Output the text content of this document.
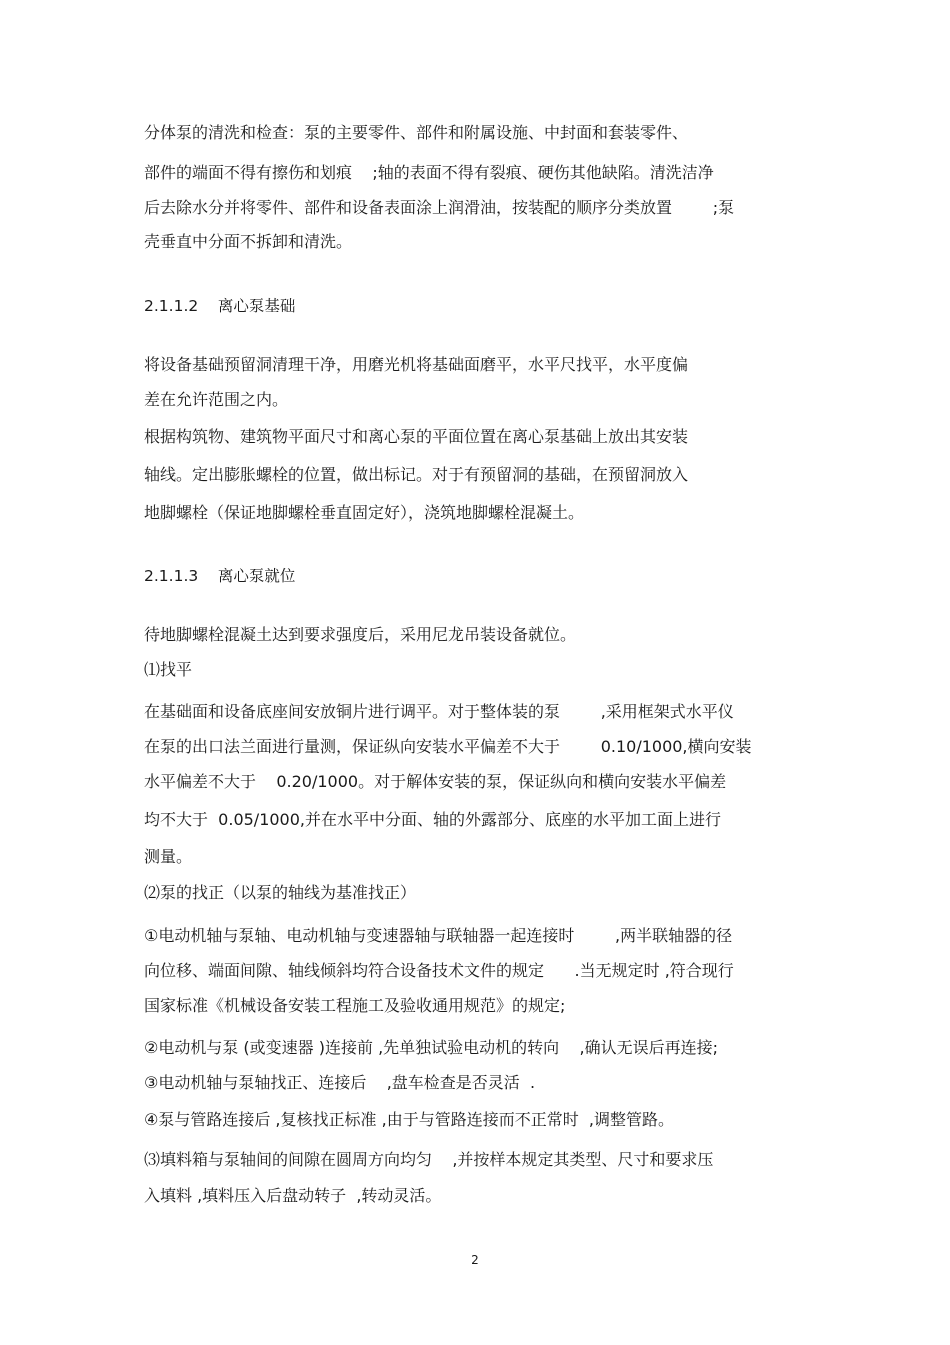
分体泵的清洗和检查：泵的主要零件、部件和附属设施、中封面和套装零件、
部件的端面不得有擦伤和划痕    ;轴的表面不得有裂痕、硬伤其他缺陷。清洗洁净
后去除水分并将零件、部件和设备表面涂上润滑油，按装配的顺序分类放置        ;泵
壳垂直中分面不拆卸和清洗。
2.1.1.2    离心泵基础
将设备基础预留洞清理干净，用磨光机将基础面磨平，水平尺找平，水平度偏
差在允许范围之内。
根据构筑物、建筑物平面尺寸和离心泵的平面位置在离心泵基础上放出其安装
轴线。定出膨胀螺栓的位置，做出标记。对于有预留洞的基础，在预留洞放入
地脚螺栓（保证地脚螺栓垂直固定好），浇筑地脚螺栓混凝土。
2.1.1.3    离心泵就位
待地脚螺栓混凝土达到要求强度后，采用尼龙吊装设备就位。
⑴找平
在基础面和设备底座间安放铜片进行调平。对于整体装的泵        ,采用框架式水平仪
在泵的出口法兰面进行量测，保证纵向安装水平偏差不大于        0.10/1000,横向安装
水平偏差不大于    0.20/1000。对于解体安装的泵，保证纵向和横向安装水平偏差
均不大于  0.05/1000,并在水平中分面、轴的外露部分、底座的水平加工面上进行
测量。
⑵泵的找正（以泵的轴线为基准找正）
①电动机轴与泵轴、电动机轴与变速器轴与联轴器一起连接时        ,两半联轴器的径
向位移、端面间隙、轴线倾斜均符合设备技术文件的规定      .当无规定时 ,符合现行
国家标准《机械设备安装工程施工及验收通用规范》的规定;
②电动机与泵 (或变速器 )连接前 ,先单独试验电动机的转向    ,确认无误后再连接;
③电动机轴与泵轴找正、连接后    ,盘车检查是否灵活  .
④泵与管路连接后 ,复核找正标准 ,由于与管路连接而不正常时  ,调整管路。
⑶填料箱与泵轴间的间隙在圆周方向均匀    ,并按样本规定其类型、尺寸和要求压
入填料 ,填料压入后盘动转子  ,转动灵活。
2
